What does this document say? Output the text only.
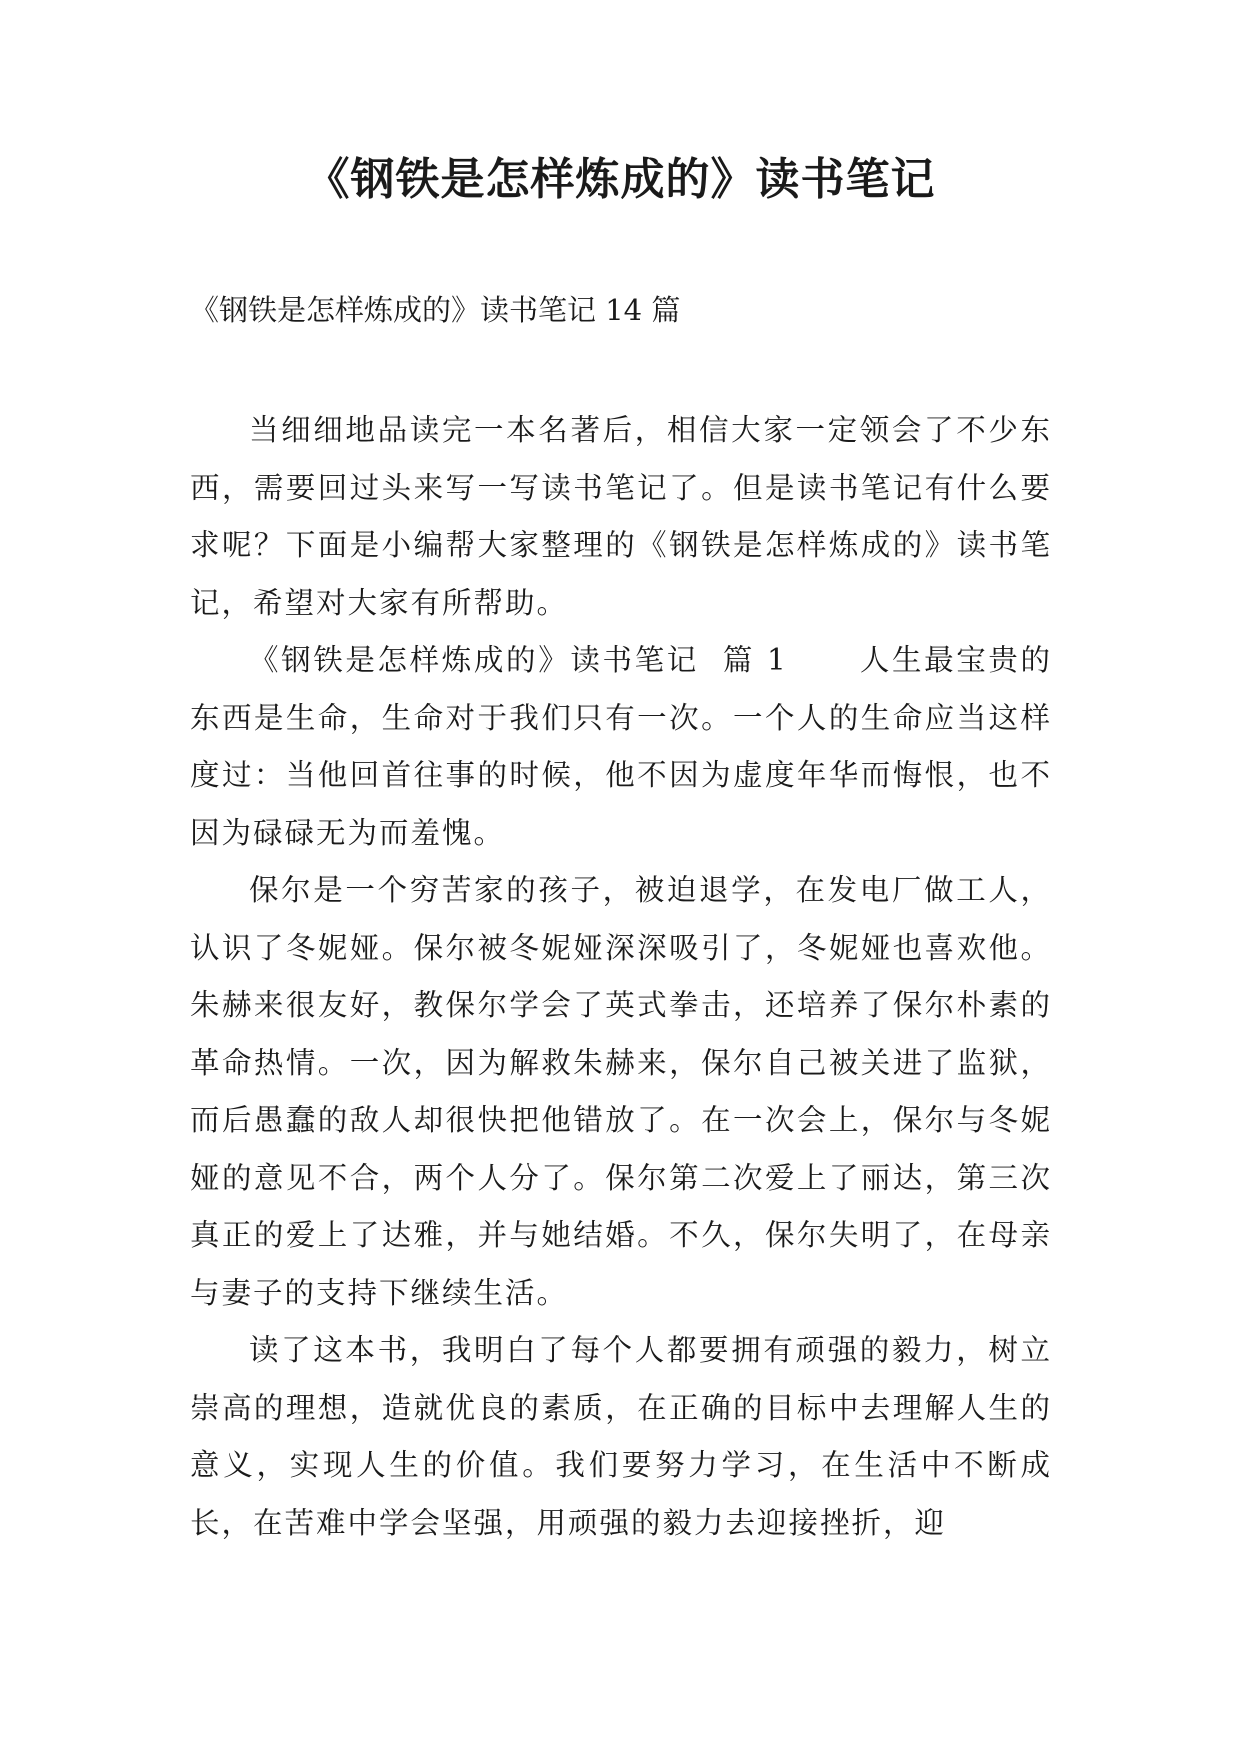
《钢铁是怎样炼成的》读书笔记

《钢铁是怎样炼成的》读书笔记 14 篇

当细细地品读完一本名著后，相信大家一定领会了不少东西，需要回过头来写一写读书笔记了。但是读书笔记有什么要求呢？下面是小编帮大家整理的《钢铁是怎样炼成的》读书笔记，希望对大家有所帮助。

《钢铁是怎样炼成的》读书笔记  篇 1      人生最宝贵的东西是生命，生命对于我们只有一次。一个人的生命应当这样度过：当他回首往事的时候，他不因为虚度年华而悔恨，也不因为碌碌无为而羞愧。

保尔是一个穷苦家的孩子，被迫退学，在发电厂做工人，认识了冬妮娅。保尔被冬妮娅深深吸引了，冬妮娅也喜欢他。朱赫来很友好，教保尔学会了英式拳击，还培养了保尔朴素的革命热情。一次，因为解救朱赫来，保尔自己被关进了监狱，而后愚蠢的敌人却很快把他错放了。在一次会上，保尔与冬妮娅的意见不合，两个人分了。保尔第二次爱上了丽达，第三次真正的爱上了达雅，并与她结婚。不久，保尔失明了，在母亲与妻子的支持下继续生活。

读了这本书，我明白了每个人都要拥有顽强的毅力，树立崇高的理想，造就优良的素质，在正确的目标中去理解人生的意义，实现人生的价值。我们要努力学习，在生活中不断成长，在苦难中学会坚强，用顽强的毅力去迎接挫折，迎
